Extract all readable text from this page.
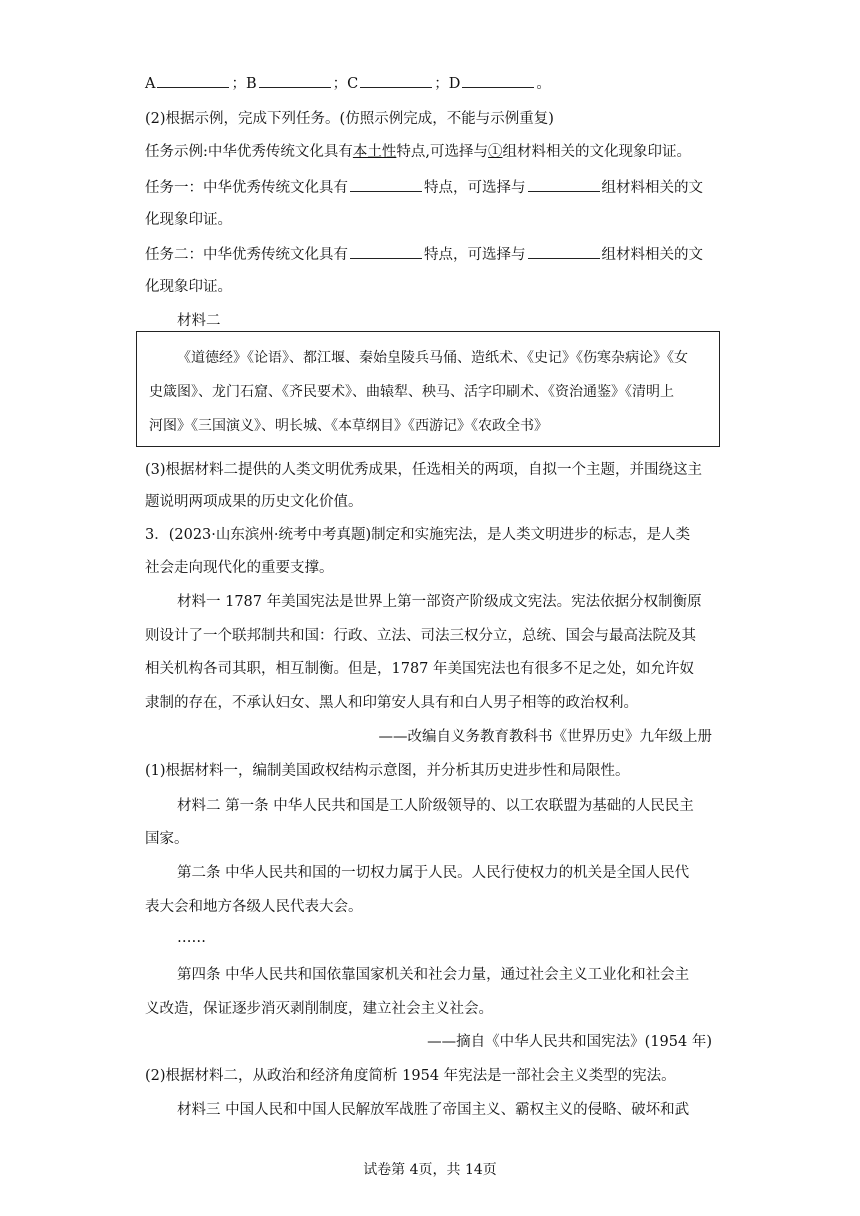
A	；B	；C	；D	。
(2)根据示例，完成下列任务。(仿照示例完成，不能与示例重复)
任务示例:中华优秀传统文化具有本土性特点,可选择与①组材料相关的文化现象印证。
任务一：中华优秀传统文化具有	特点，可选择与	组材料相关的文
化现象印证。
任务二：中华优秀传统文化具有	特点，可选择与	组材料相关的文
化现象印证。
材料二
《道德经》《论语》、都江堰、秦始皇陵兵马俑、造纸术、《史记》《伤寒杂病论》《女
史箴图》、龙门石窟、《齐民要术》、曲辕犁、秧马、活字印刷术、《资治通鉴》《清明上
河图》《三国演义》、明长城、《本草纲目》《西游记》《农政全书》
(3)根据材料二提供的人类文明优秀成果，任选相关的两项，自拟一个主题，并围绕这主
题说明两项成果的历史文化价值。
3．(2023·山东滨州·统考中考真题)制定和实施宪法，是人类文明进步的标志，是人类
社会走向现代化的重要支撑。
材料一 1787 年美国宪法是世界上第一部资产阶级成文宪法。宪法依据分权制衡原
则设计了一个联邦制共和国：行政、立法、司法三权分立，总统、国会与最高法院及其
相关机构各司其职，相互制衡。但是，1787 年美国宪法也有很多不足之处，如允许奴
隶制的存在，不承认妇女、黑人和印第安人具有和白人男子相等的政治权利。
——改编自义务教育教科书《世界历史》九年级上册
(1)根据材料一，编制美国政权结构示意图，并分析其历史进步性和局限性。
材料二 第一条 中华人民共和国是工人阶级领导的、以工农联盟为基础的人民民主
国家。
第二条 中华人民共和国的一切权力属于人民。人民行使权力的机关是全国人民代
表大会和地方各级人民代表大会。
……
第四条 中华人民共和国依靠国家机关和社会力量，通过社会主义工业化和社会主
义改造，保证逐步消灭剥削制度，建立社会主义社会。
——摘自《中华人民共和国宪法》(1954 年)
(2)根据材料二，从政治和经济角度简析 1954 年宪法是一部社会主义类型的宪法。
材料三 中国人民和中国人民解放军战胜了帝国主义、霸权主义的侵略、破坏和武
试卷第 4页，共 14页
